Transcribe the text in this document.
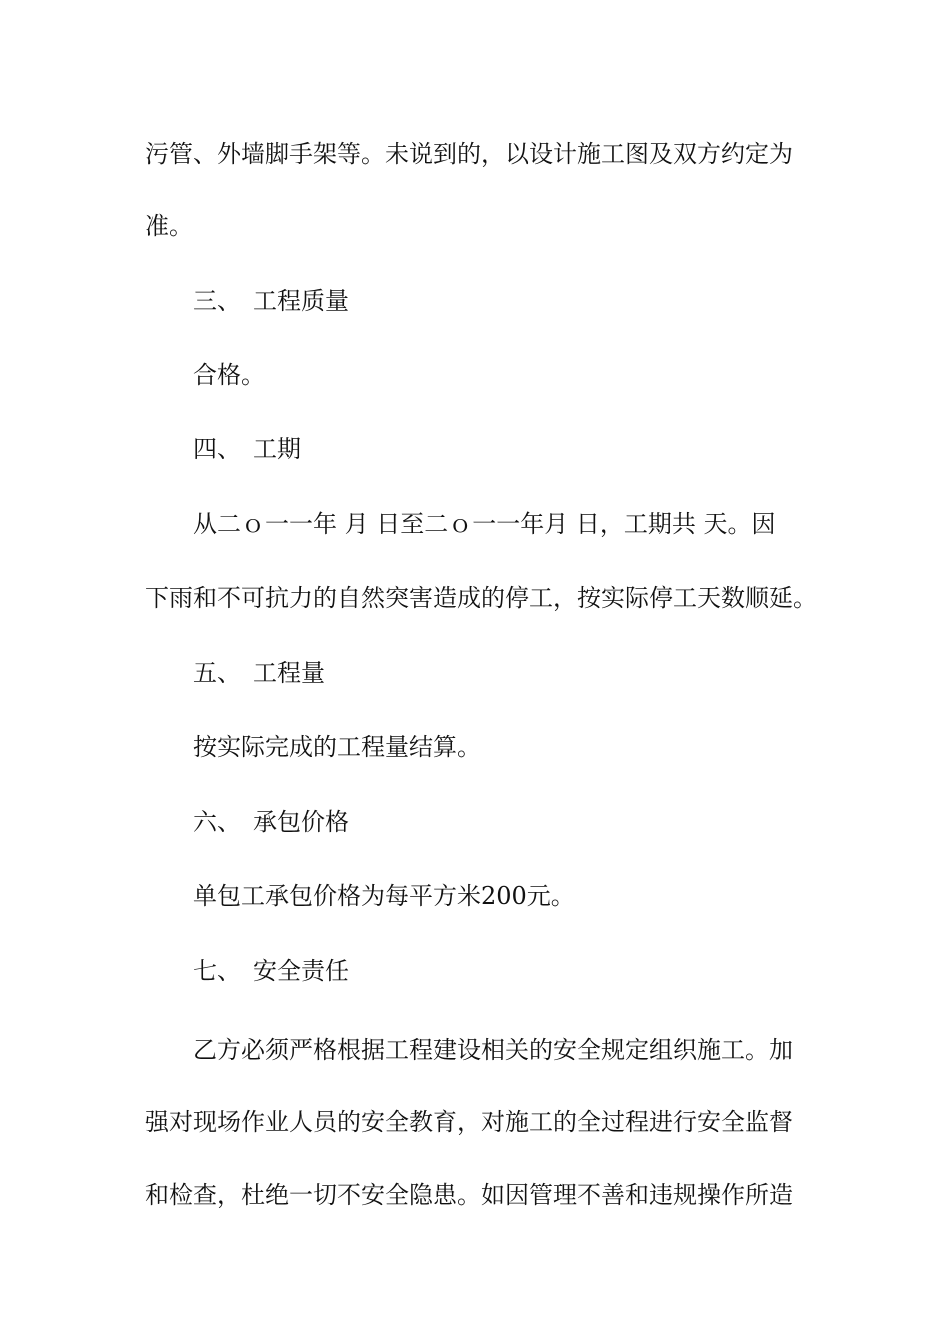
污管、外墙脚手架等。未说到的，以设计施工图及双方约定为
准。
三、 工程质量
合格。
四、 工期
从二ｏ一一年 月 日至二ｏ一一年月 日，工期共 天。因
下雨和不可抗力的自然突害造成的停工，按实际停工天数顺延。
五、 工程量
按实际完成的工程量结算。
六、 承包价格
单包工承包价格为每平方米200元。
七、 安全责任
乙方必须严格根据工程建设相关的安全规定组织施工。加
强对现场作业人员的安全教育，对施工的全过程进行安全监督
和检查，杜绝一切不安全隐患。如因管理不善和违规操作所造
